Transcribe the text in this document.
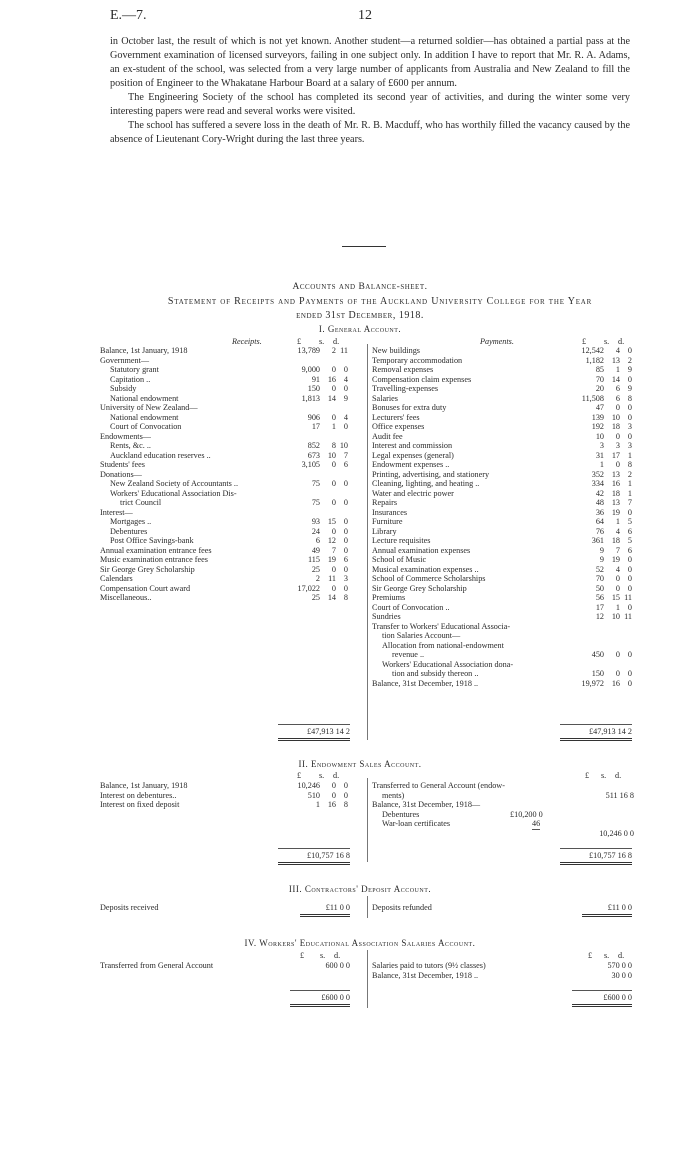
E.—7.	12

in October last, the result of which is not yet known. Another student—a returned soldier—has obtained a partial pass at the Government examination of licensed surveyors, failing in one subject only. In addition I have to report that Mr. R. A. Adams, an ex-student of the school, was selected from a very large number of applicants from Australia and New Zealand to fill the position of Engineer to the Whakatane Harbour Board at a salary of £600 per annum.

The Engineering Society of the school has completed its second year of activities, and during the winter some very interesting papers were read and several works were visited.

The school has suffered a severe loss in the death of Mr. R. B. Macduff, who has worthily filled the vacancy caused by the absence of Lieutenant Cory-Wright during the last three years.

Accounts and Balance-sheet.
Statement of Receipts and Payments of the Auckland University College for the Year
ended 31st December, 1918.
I. General Account.
Receipts.	Payments.
£ s. d.	£ s. d.
Balance, 1st January, 1918	13,789	2 11
Government—
Statutory grant	9,000	0 0
Capitation ..	91 16 4
Subsidy	150	0 0
National endowment	1,813 14 9
University of New Zealand—
National endowment	906	0 4
Court of Convocation	17	1 0
Endowments—
Rents, &c. ..	852	8 10
Auckland education reserves ..	673 10 7
Students' fees	3,105	0 6
Donations—
New Zealand Society of Accountants ..	75	0 0
Workers' Educational Association Dis-
trict Council	75	0 0
Interest—
Mortgages ..	93 15 0
Debentures	24	0 0
Post Office Savings-bank	6 12 0
Annual examination entrance fees	49	7 0
Music examination entrance fees	115 19 6
Sir George Grey Scholarship	25	0 0
Calendars	2 11 3
Compensation Court award	17,022	0 0
Miscellaneous..	25 14 8
New buildings	12,542	4 0
Temporary accommodation	1,182 13 2
Removal expenses	85	1 9
Compensation claim expenses	70 14 0
Travelling-expenses	20	6 9
Salaries	11,508	6 8
Bonuses for extra duty	47	0 0
Lecturers' fees	139 10 0
Office expenses	192 18 3
Audit fee	10	0 0
Interest and commission	3	3 3
Legal expenses (general)	31 17 1
Endowment expenses ..	1	0 8
Printing, advertising, and stationery	352 13 2
Cleaning, lighting, and heating ..	334 16 1
Water and electric power	42 18 1
Repairs	48 13 7
Insurances	36 19 0
Furniture	64	1 5
Library	76	4 6
Lecture requisites	361 18 5
Annual examination expenses	9	7 6
School of Music	9 19 0
Musical examination expenses ..	52	4 0
School of Commerce Scholarships	70	0 0
Sir George Grey Scholarship	50	0 0
Premiums	56 15 11
Court of Convocation ..	17	1 0
Sundries	12 10 11
Transfer to Workers' Educational Associa-
tion Salaries Account—
Allocation from national-endowment
revenue ..	450	0 0
Workers' Educational Association dona-
tion and subsidy thereon ..	150	0 0
Balance, 31st December, 1918 ..	19,972 16 0
£47,913 14 2	£47,913 14 2
II. Endowment Sales Account.
£ s. d.	£ s. d.
Balance, 1st January, 1918	10,246	0 0
Interest on debentures..	510	0 0
Interest on fixed deposit	1 16 8
Transferred to General Account (endow-
ments)	511 16 8
Balance, 31st December, 1918—
Debentures	£10,200 0
War-loan certificates	46
10,246 0 0
£10,757 16 8	£10,757 16 8
III. Contractors' Deposit Account.
Deposits received	£11 0 0	Deposits refunded	£11 0 0
IV. Workers' Educational Association Salaries Account.
£ s. d.	£ s. d.
Transferred from General Account	600 0 0	Salaries paid to tutors (9½ classes)	570 0 0
Balance, 31st December, 1918 ..	30 0 0
£600 0 0	£600 0 0
